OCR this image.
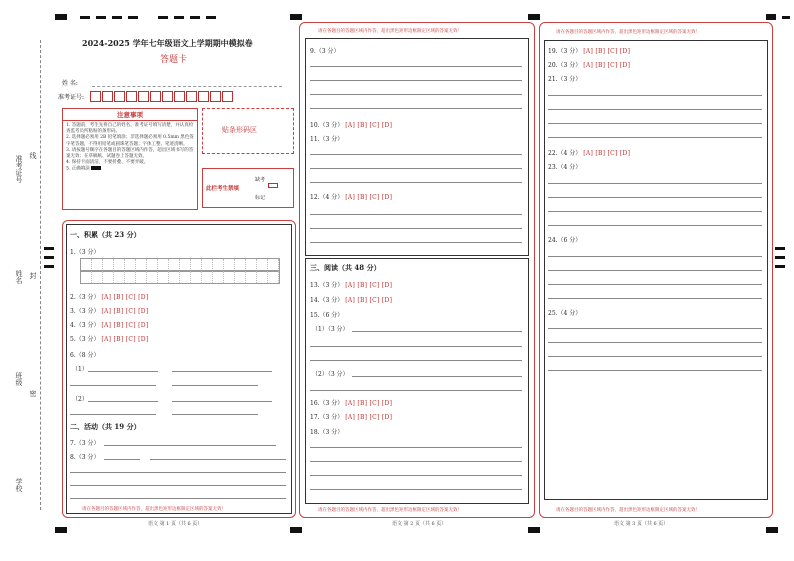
准考证号 线
姓名 封
班级
密
学校
2024-2025 学年七年级语文上学期期中模拟卷
答题卡
姓 名:
准考证号:
注意事项
1. 答题前，考生先将自己的姓名，准考证号填写清楚，并认真检查监考员所粘贴的条形码。
2. 选择题必须用 2B 铅笔填涂；非选择题必须用 0.5mm 黑色签字笔答题，不得用铅笔或圆珠笔答题；字体工整、笔迹清晰。
3. 请按题号顺序在各题目的答题区域内作答，超出区域书写的答案无效；在草稿纸、试题卷上答题无效。
4. 保持卡面清洁，不要折叠、不要弄破。
5. 正确填涂
贴条形码区
此栏考生禁填
缺考
标记
一、积累（共 23 分）
1.（3 分）
2.（3 分） [A] [B] [C] [D]
3.（3 分） [A] [B] [C] [D]
4.（3 分） [A] [B] [C] [D]
5.（3 分） [A] [B] [C] [D]
6.（8 分）
（1）
（2）
二、活动（共 19 分）
7.（3 分）
8.（3 分）
请在各题目的答题区域内作答，超出黑色矩形边框限定区域的答案无效！
语文 第 1 页（共 6 页）
请在各题目的答题区域内作答，超出黑色矩形边框限定区域的答案无效！
9.（3 分）
10.（3 分） [A] [B] [C] [D]
11.（3 分）
12.（4 分） [A] [B] [C] [D]
三、阅读（共 48 分）
13.（3 分） [A] [B] [C] [D]
14.（3 分） [A] [B] [C] [D]
15.（6 分）
（1）（3 分）
（2）（3 分）
16.（3 分） [A] [B] [C] [D]
17.（3 分） [A] [B] [C] [D]
18.（3 分）
请在各题目的答题区域内作答，超出黑色矩形边框限定区域的答案无效！
语文 第 2 页（共 6 页）
请在各题目的答题区域内作答，超出黑色矩形边框限定区域的答案无效！
19.（3 分） [A] [B] [C] [D]
20.（3 分） [A] [B] [C] [D]
21.（3 分）
22.（4 分） [A] [B] [C] [D]
23.（4 分）
24.（6 分）
25.（4 分）
请在各题目的答题区域内作答，超出黑色矩形边框限定区域的答案无效！
语文 第 3 页（共 6 页）
